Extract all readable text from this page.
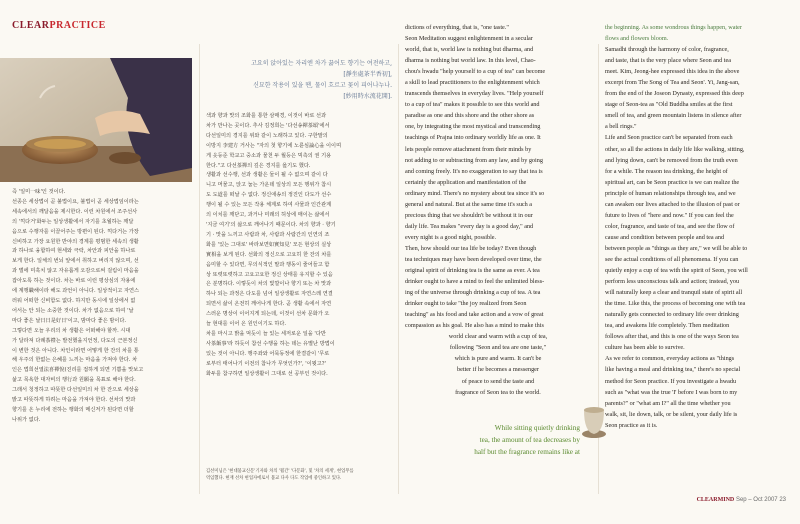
CLEARPRACTICE
고요히 앉아있는 자리엔 차가 끓어도 향기는 여전하고,
[靜坐處茶半香初],
신묘한 작용이 있을 땐, 물이 흐르고 꽃이 피어나누나.
[妙用時水流花開].
즉 '일미一味'인 것이다.
선종은 세상법이 곧 불법이요, 불법이 곧 세상법임이라는
세속에서의 깨달음을 제시한다. 이런 차원에서 조주선사
의 '끽다거'화두는 일상생활에서 자기를 초월하는 깨달
음으로 수행자를 이끌어주는 방편이 된다. 끽다거는 가장
신비하고 가장 요원한 반야의 경계를 평범한 세속의 생활
과 하나로 융합하여 현세와 극락, 차안과 피안을 하나로
보게 한다. 일체의 번뇌 앞에서 취하고 버리지 않으며, 선
과 벌에 미혹치 않고 자유롭게 오감으로써 걸림이 마음을
잡아도록 하는 것이다. 차는 바로 이런 평상심의 자용에
에 계행職해이라 해도 과언이 아니다. 일상적이고 자연스
러워 어떠한 신비함도 없다. 하지만 동시에 일상에서 없
어서는 안 되는 소중한 것이다. 차가 없음으로 하여 '날
마다 좋은 날日日是好日'이고, 밤마다 좋은 밤이다.
그렇다면 오늘 우리의 차 생활은 어떠해야 할까. 시대
가 달라져 다례茶禮는 발전했을지언정, 다도의 근본정신
이 변한 것은 아니다. 차인이라면 어떻게 한 잔의 차를 통
해 우주의 한없는 은혜를 느끼는 마음을 가져야 한다. 차
인은 법희선열法喜禪悅(진리를 접하게 되면 기쁨을 맛보고
삶고 목욕한 대자비의 행行과 원願을 목표로 해야 한다.
그래서 청정하고 따뜻한 다선일미의 차 한 잔으로 세상을
밝고 따뜻하게 하려는 마음을 가져야 한다. 선차의 맛과
향기를 온 누리에 전하는 행화의 메신저가 된다면 더할
나위가 없다.
색과 향과 맛의 조화를 통한 삼매경, 이것이 바로 선과
차가 만나는 곳이다. 추사 김정희는 '다선송禪茶頌'에서
다선일미의 경지를 위와 같이 노래하고 있다. 구한말의
이방지 李建方 거사는 "자의 첫 향기에 노륜심論心을 이이며
게 옷등준 학교고 중소과 물천 두 월등은 믹측의 권 기용
한다."고 다선茶禪의 깊은 경지를 읊기도 했다.
생활과 선수행, 선과 생활은 둘이 될 수 없으며 같이 다
니고 머물고, 앉고 눕는 가운데 일상의 모든 행위가 참시
도 도道를 떠날 수 없다. 정신애송의 정진인 다도가 선수
행이 될 수 있는 모든 작용 체계로 하여 사물과 인간관계
의 이치를 깨닫고, 과거나 미래의 허상에 매이는 삶에서
'지금 여기'의 삶으로 깨어나기 때문이다. 차의 향과 · 향기
기 · 맛을 느끼고 사람과 차, 사람과 사람간의 인연의 조
화를 '있는 그대로' 바라보면如實知見' 모든 현상의 실상
實相을 보게 된다. 선화의 정신으로 고요히 한 잔의 차를
음미할 수 있다면, 무의식적인 말과 행동이 줄어들고 함
상 또렷또렷하고 고요고요한 정신 상태를 유지할 수 있음
은 분명하다. 이렇듯이 차의 빛깔이나 향기 또는 차 맛과
하나 되는 과정은 다도를 넘어 일상생활로 자연스레 연결
되면서 삶이 온전히 깨어나게 한다. 곧 생활 속에서 자연
스러운 명상이 이어지게 되는데, 이것이 선차 문화가 오
늘 현대를 이어 온 원인이기도 하다.
차를 마시고 밝을 먹듯이 늘 있는 세저로운 일을 '다반
사茶飯事'라 하듯이 참선 수행을 하는 데는 유별난 방법이
있는 것이 아니다. 행주좌와 어묵동정에 한결같이 '무로
로부터 태어나기 이전의 참나가 무엇인가?', '이뭣고?'
화두를 참구하면 일상생활이 그대로 선 공부인 것이다.
김선미님은 '현대불교신문'기자와 차의 '월간' '다문화', 및 '차의 세계', 현업무를
역임했다. 현재 선차 현업자에로서 불교 다사 다도 작업에 중인하고 있다.
dictions of everything, that is, "one taste."
Seon Meditation suggest enlightenment in a secular
world, that is, world law is nothing but dharma, and
dharma is nothing but world law. In this level, Chao-
chou's hwadu "help yourself to a cup of tea" can become
a skill to lead practitioners to the enlightenment which
transcends themselves in everyday lives. "Help yourself
to a cup of tea" makes it possible to see this world and
paradise as one and this shore and the other shore as
one, by integrating the most mystical and transcending
teachings of Prajna into ordinary worldly life as one. It
lets people remove attachment from their minds by
not adding to or subtracting from any law, and by going
and coming freely. It's no exaggeration to say that tea is
certainly the application and manifestation of the
ordinary mind. There's no mystery about tea since it's so
general and natural. But at the same time it's such a
precious thing that we shouldn't be without it in our
daily life. Tea makes "every day is a good day," and
every night is a good night, possible.
Then, how should our tea life be today? Even though
tea techniques may have been developed over time, the
original spirit of drinking tea is the same as ever. A tea
drinker ought to have a mind to feel the unlimited bless-
ing of the universe through drinking a cup of tea. A tea
drinker ought to take "the joy realized from Seon
teaching" as his food and take action and a vow of great
compassion as his goal. He also has a mind to make this
world clear and warm with a cup of tea,
following "Seon and tea are one taste,"
which is pure and warm. It can't be
better if he becomes a messenger
of peace to send the taste and
fragrance of Seon tea to the world.
While sitting quietly drinking
tea, the amount of tea decreases by
half but the fragrance remains like at
the beginning. As some wondrous things happen, water
flows and flowers bloom.
Samadhi through the harmony of color, fragrance,
and taste, that is the very place where Seon and tea
meet. Kim, Jeong-hee expressed this idea in the above
excerpt from The Song of Tea and Seon'. Yi, Jang-san,
from the end of the Joseon Dynasty, expressed this deep
stage of Seon-tea as "Old Buddha smiles at the first
smell of tea, and green mountain listens in silence after
a bell rings."
Life and Seon practice can't be separated from each
other, so all the actions in daily life like walking, sitting,
and lying down, can't be removed from the truth even
for a while. The reason tea drinking, the height of
spiritual art, can be Seon practice is we can realize the
principle of human relationships through tea, and we
can awaken our lives attached to the illusion of past or
future to lives of "here and now." If you can feel the
color, fragrance, and taste of tea, and see the flow of
cause and condition between people and tea and
between people as "things as they are," we will be able to
see the actual conditions of all phenomena. If you can
quietly enjoy a cup of tea with the spirit of Seon, you will
perform less unconscious talk and action; instead, you
will naturally keep a clear and tranquil state of spirit all
the time. Like this, the process of becoming one with tea
naturally gets connected to ordinary life over drinking
tea, and awakens life completely. Then meditation
follows after that, and this is one of the ways Seon tea
culture has been able to survive.
As we refer to common, everyday actions as "things
like having a meal and drinking tea," there's no special
method for Seon practice. If you investigate a hwadu
such as "what was the true 'I' before I was born to my
parents?" or "what am I?" all the time whether you
walk, sit, lie down, talk, or be silent, your daily life is
Seon practice as it is.
CLEARMIND Sep – Oct 2007 23
